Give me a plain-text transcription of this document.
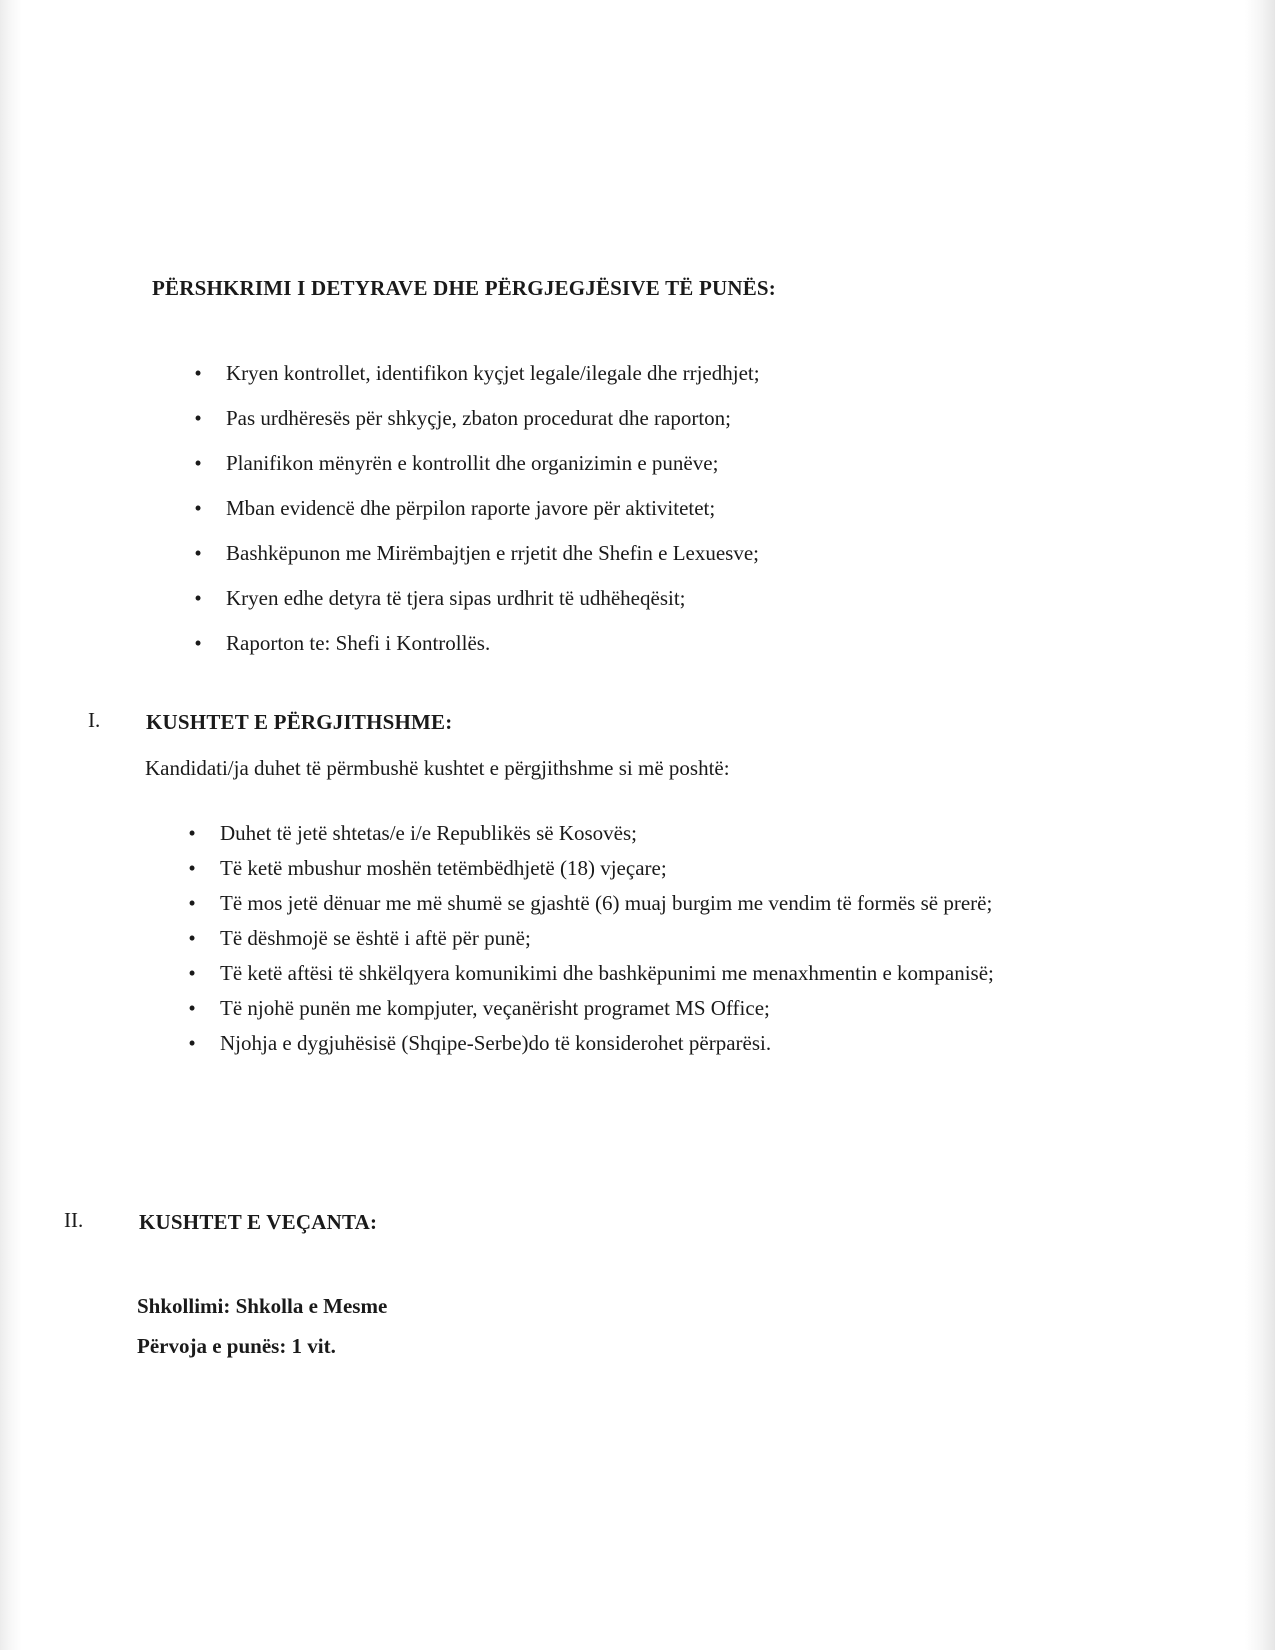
PËRSHKRIMI I DETYRAVE DHE PËRGJEGJËSIVE TË PUNËS:
•	Kryen kontrollet, identifikon kyçjet legale/ilegale dhe rrjedhjet;
•	Pas urdhëresës për shkyçje, zbaton procedurat dhe raporton;
•	Planifikon mënyrën e kontrollit dhe organizimin e punëve;
•	Mban evidencë dhe përpilon raporte javore për aktivitetet;
•	Bashkëpunon me Mirëmbajtjen e rrjetit dhe Shefin e Lexuesve;
•	Kryen edhe detyra të tjera sipas urdhrit të udhëheqësit;
•	Raporton te: Shefi i Kontrollës.
I. KUSHTET E PËRGJITHSHME:
Kandidati/ja duhet të përmbushë kushtet e përgjithshme si më poshtë:
•	Duhet të jetë shtetas/e i/e Republikës së Kosovës;
•	Të ketë mbushur moshën tetëmbëdhjetë (18) vjeçare;
•	Të mos jetë dënuar me më shumë se gjashtë (6) muaj burgim me vendim të formës së prerë;
•	Të dëshmojë se është i aftë për punë;
•	Të ketë aftësi të shkëlqyera komunikimi dhe bashkëpunimi me menaxhmentin e kompanisë;
•	Të njohë punën me kompjuter, veçanërisht programet MS Office;
•	Njohja e dygjuhësisë (Shqipe-Serbe)do të konsiderohet përparësi.
II.	KUSHTET E VEÇANTA:
Shkollimi: Shkolla e Mesme
Përvoja e punës: 1 vit.
